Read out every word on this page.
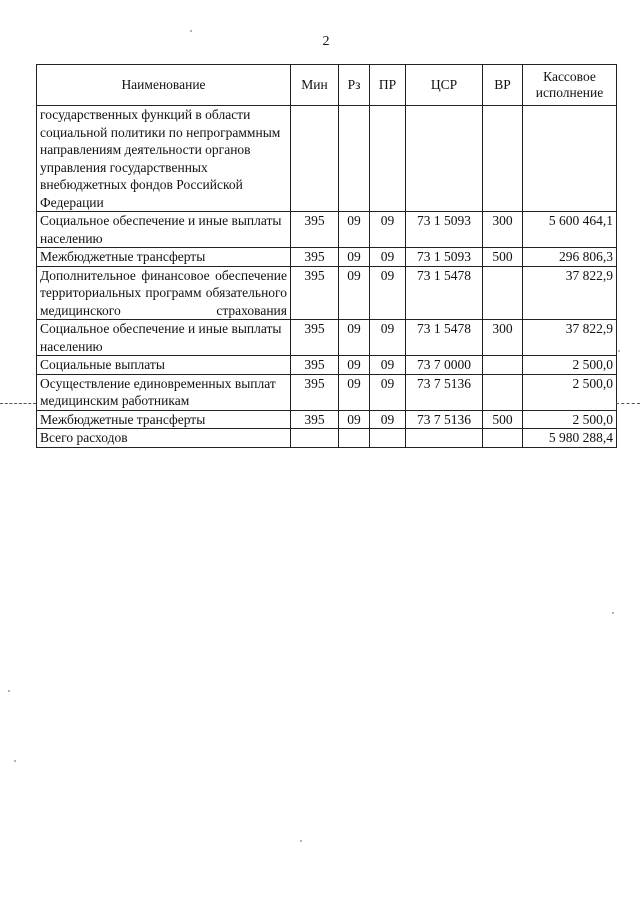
2
Наименование	Мин	Рз	ПР	ЦСР	ВР	Кассовое исполнение
государственных функций в области социальной политики по непрограммным направлениям деятельности органов управления государственных внебюджетных фондов Российской Федерации						
Социальное обеспечение и иные выплаты населению	395	09	09	73 1 5093	300	5 600 464,1
Межбюджетные трансферты	395	09	09	73 1 5093	500	296 806,3
Дополнительное финансовое обеспечение территориальных программ обязательного медицинского страхования	395	09	09	73 1 5478		37 822,9
Социальное обеспечение и иные выплаты населению	395	09	09	73 1 5478	300	37 822,9
Социальные выплаты	395	09	09	73 7 0000		2 500,0
Осуществление единовременных выплат медицинским работникам	395	09	09	73 7 5136		2 500,0
Межбюджетные трансферты	395	09	09	73 7 5136	500	2 500,0
Всего расходов						5 980 288,4
